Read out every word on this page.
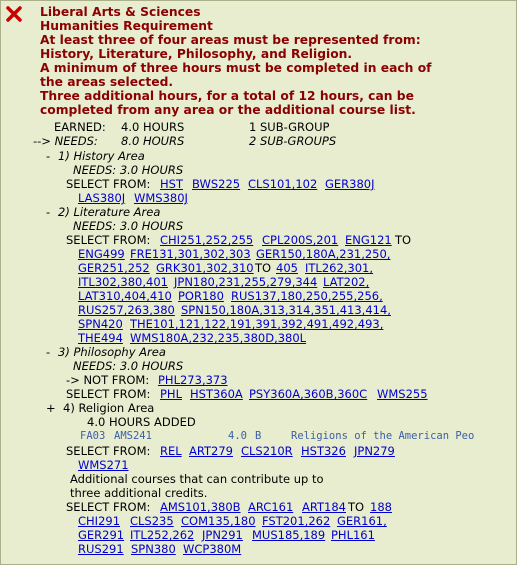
Liberal Arts & Sciences
Humanities Requirement
At least three of four areas must be represented from:
History, Literature, Philosophy, and Religion.
A minimum of three hours must be completed in each of
the areas selected.
Three additional hours, for a total of 12 hours, can be
completed from any area or the additional course list.
EARNED: 4.0 HOURS	1 SUB-GROUP
--> NEEDS: 8.0 HOURS	2 SUB-GROUPS
- 1) History Area
NEEDS: 3.0 HOURS
SELECT FROM: HST BWS225 CLS101,102 GER380J
LAS380J WMS380J
- 2) Literature Area
NEEDS: 3.0 HOURS
SELECT FROM: CHI251,252,255 CPL200S,201 ENG121 TO
ENG499 FRE131,301,302,303 GER150,180A,231,250,
GER251,252 GRK301,302,310 TO 405 ITL262,301,
ITL302,380,401 JPN180,231,255,279,344 LAT202,
LAT310,404,410 POR180 RUS137,180,250,255,256,
RUS257,263,380 SPN150,180A,313,314,351,413,414,
SPN420 THE101,121,122,191,391,392,491,492,493,
THE494 WMS180A,232,235,380D,380L
- 3) Philosophy Area
NEEDS: 3.0 HOURS
-> NOT FROM: PHL273,373
SELECT FROM: PHL HST360A PSY360A,360B,360C WMS255
+ 4) Religion Area
4.0 HOURS ADDED
FA03 AMS241	4.0 B	Religions of the American Peo
SELECT FROM: REL ART279 CLS210R HST326 JPN279
WMS271
Additional courses that can contribute up to
three additional credits.
SELECT FROM: AMS101,380B ARC161 ART184 TO 188
CHI291 CLS235 COM135,180 FST201,262 GER161,
GER291 ITL252,262 JPN291 MUS185,189 PHL161
RUS291 SPN380 WCP380M
